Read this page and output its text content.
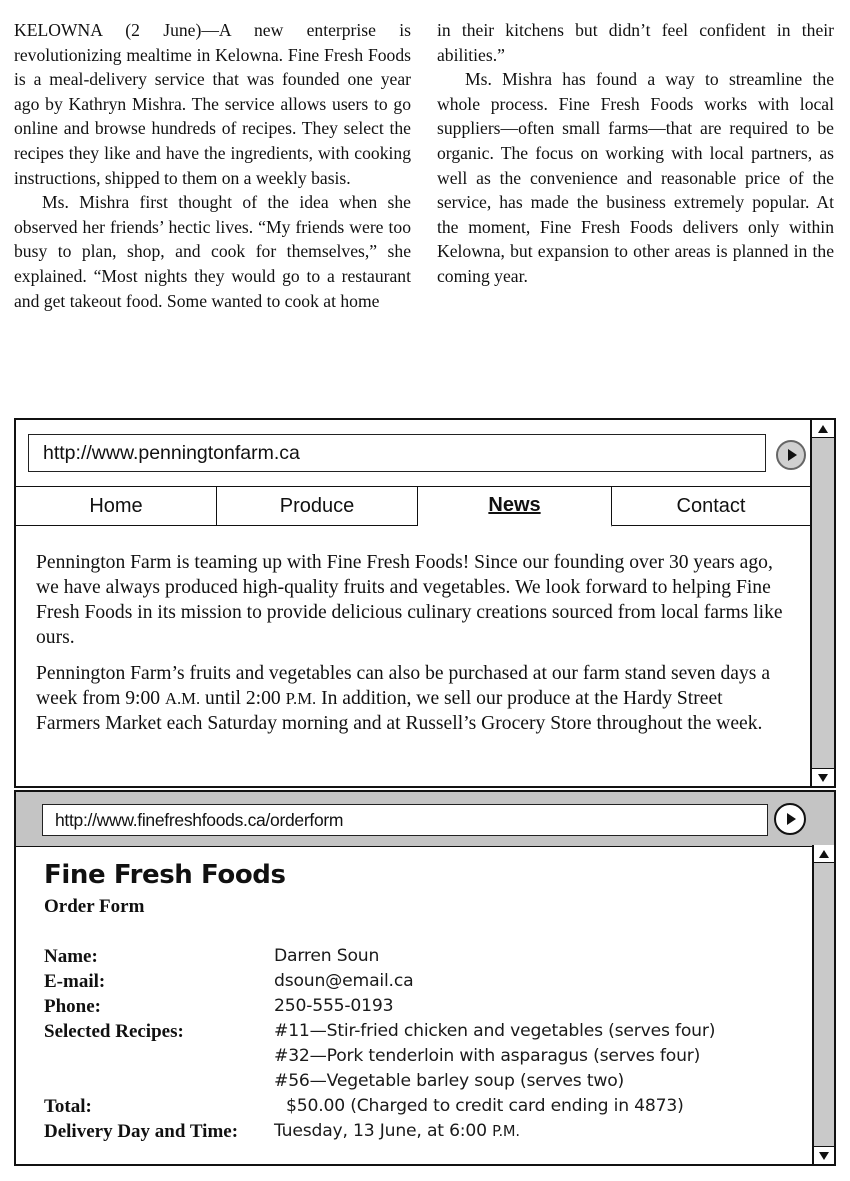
KELOWNA (2 June)—A new enterprise is revolutionizing mealtime in Kelowna. Fine Fresh Foods is a meal-delivery service that was founded one year ago by Kathryn Mishra. The service allows users to go online and browse hundreds of recipes. They select the recipes they like and have the ingredients, with cooking instructions, shipped to them on a weekly basis.

Ms. Mishra first thought of the idea when she observed her friends’ hectic lives. “My friends were too busy to plan, shop, and cook for themselves,” she explained. “Most nights they would go to a restaurant and get takeout food. Some wanted to cook at home

in their kitchens but didn’t feel confident in their abilities.”

Ms. Mishra has found a way to streamline the whole process. Fine Fresh Foods works with local suppliers—often small farms—that are required to be organic. The focus on working with local partners, as well as the convenience and reasonable price of the service, has made the business extremely popular. At the moment, Fine Fresh Foods delivers only within Kelowna, but expansion to other areas is planned in the coming year.

http://www.penningtonfarm.ca
Home	Produce	News	Contact

Pennington Farm is teaming up with Fine Fresh Foods! Since our founding over 30 years ago, we have always produced high-quality fruits and vegetables. We look forward to helping Fine Fresh Foods in its mission to provide delicious culinary creations sourced from local farms like ours.

Pennington Farm’s fruits and vegetables can also be purchased at our farm stand seven days a week from 9:00 A.M. until 2:00 P.M. In addition, we sell our produce at the Hardy Street Farmers Market each Saturday morning and at Russell’s Grocery Store throughout the week.

http://www.finefreshfoods.ca/orderform
Fine Fresh Foods
Order Form
Name:	Darren Soun
E-mail:	dsoun@email.ca
Phone:	250-555-0193
Selected Recipes:	#11—Stir-fried chicken and vegetables (serves four)
#32—Pork tenderloin with asparagus (serves four)
#56—Vegetable barley soup (serves two)
Total:	$50.00 (Charged to credit card ending in 4873)
Delivery Day and Time:	Tuesday, 13 June, at 6:00 P.M.
